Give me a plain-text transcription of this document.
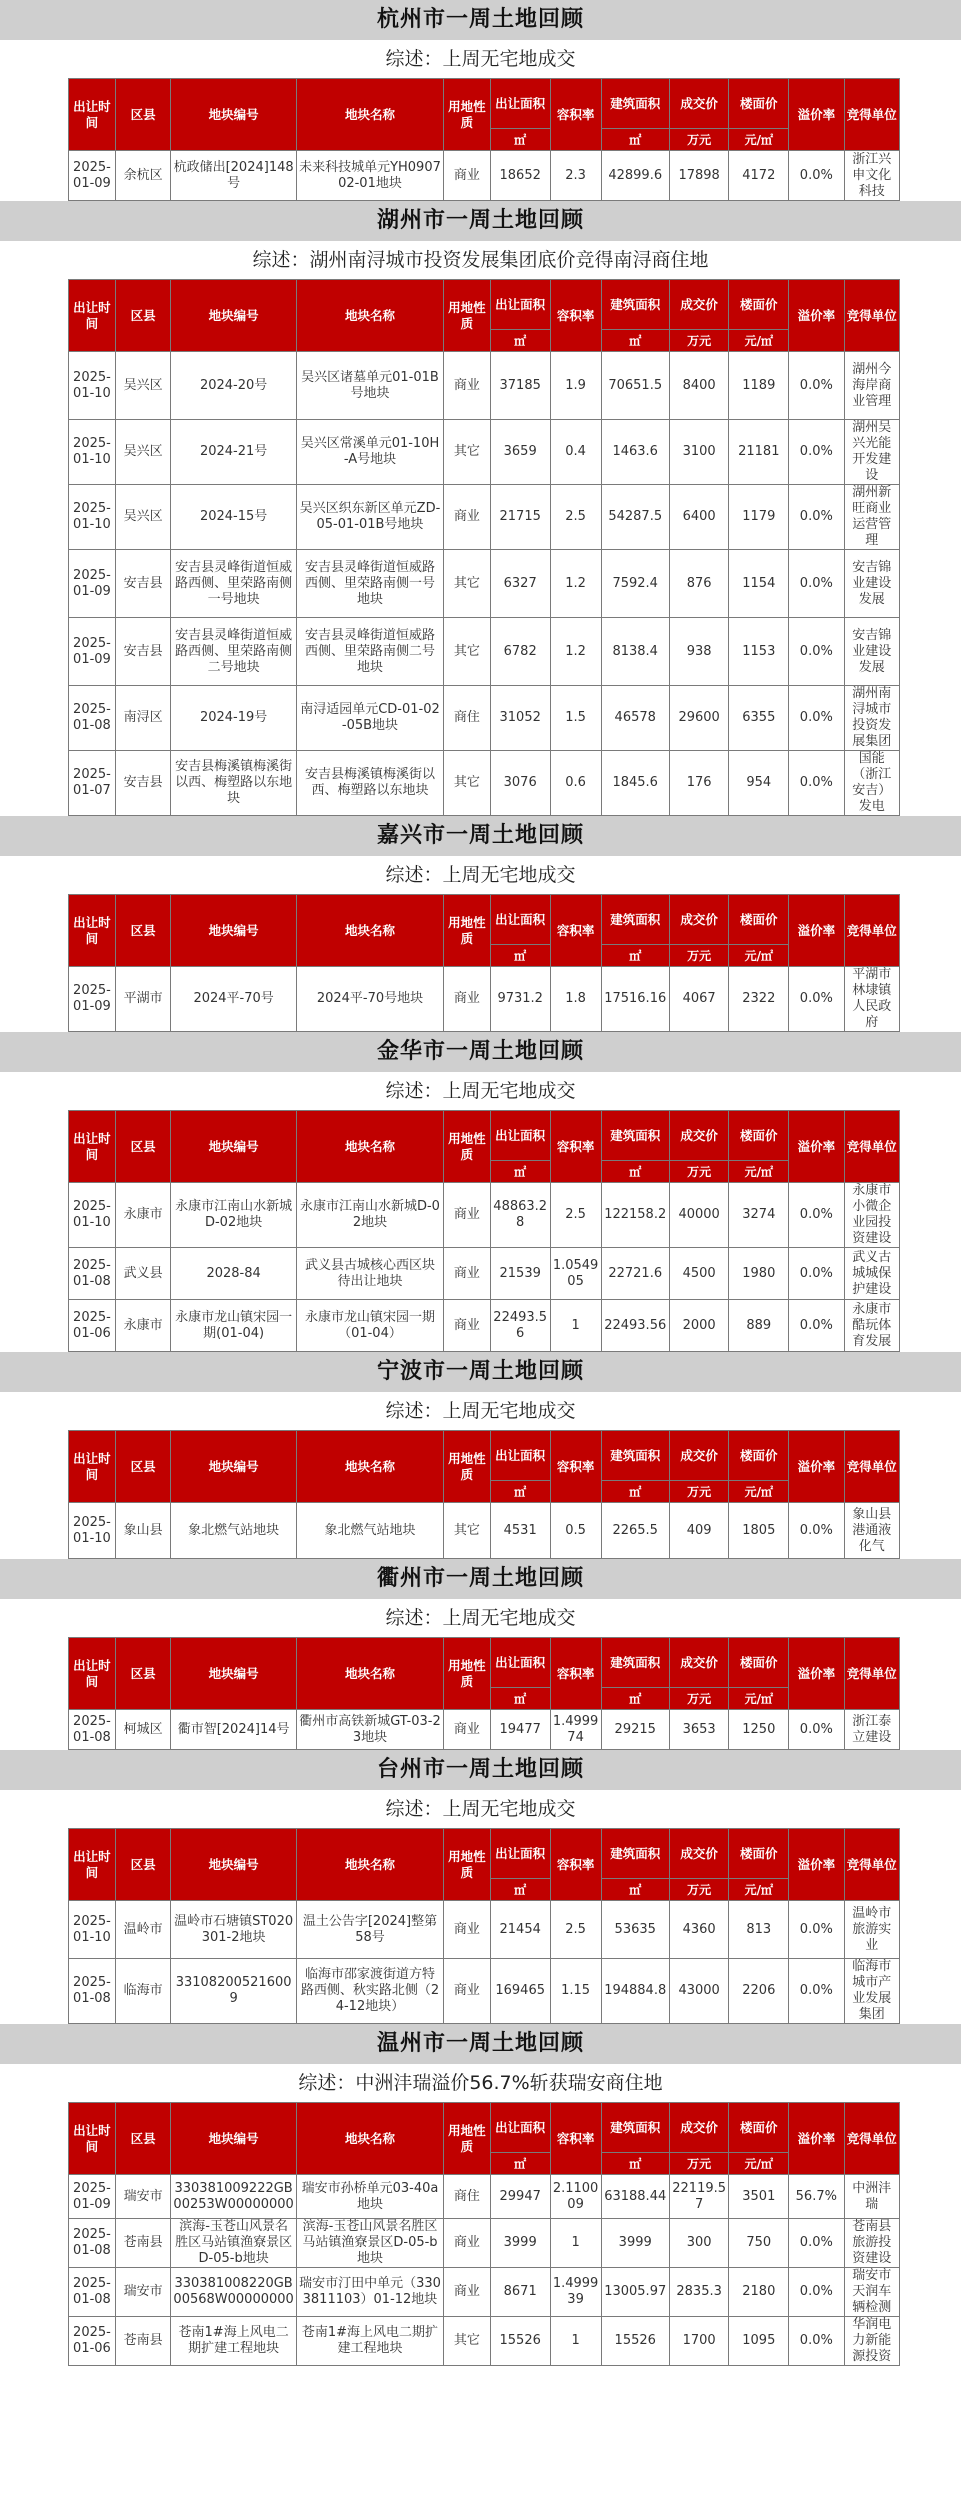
杭州市一周土地回顾
综述：上周无宅地成交
出让时间	区县	地块编号	地块名称	用地性质	出让面积	容积率	建筑面积	成交价	楼面价	溢价率	竞得单位
					㎡		㎡	万元	元/㎡		
2025-01-09	余杭区	杭政储出[2024]148号	未来科技城单元YH090702-01地块	商业	18652	2.3	42899.6	17898	4172	0.0%	浙江兴申文化科技
湖州市一周土地回顾
综述：湖州南浔城市投资发展集团底价竞得南浔商住地
出让时间	区县	地块编号	地块名称	用地性质	出让面积	容积率	建筑面积	成交价	楼面价	溢价率	竞得单位
					㎡		㎡	万元	元/㎡		
2025-01-10	吴兴区	2024-20号	吴兴区诸墓单元01-01B号地块	商业	37185	1.9	70651.5	8400	1189	0.0%	湖州今海岸商业管理
2025-01-10	吴兴区	2024-21号	吴兴区常溪单元01-10H-A号地块	其它	3659	0.4	1463.6	3100	21181	0.0%	湖州吴兴光能开发建设
2025-01-10	吴兴区	2024-15号	吴兴区织东新区单元ZD-05-01-01B号地块	商业	21715	2.5	54287.5	6400	1179	0.0%	湖州新旺商业运营管理
2025-01-09	安吉县	安吉县灵峰街道恒威路西侧、里荣路南侧一号地块	安吉县灵峰街道恒威路西侧、里荣路南侧一号地块	其它	6327	1.2	7592.4	876	1154	0.0%	安吉锦业建设发展
2025-01-09	安吉县	安吉县灵峰街道恒威路西侧、里荣路南侧二号地块	安吉县灵峰街道恒威路西侧、里荣路南侧二号地块	其它	6782	1.2	8138.4	938	1153	0.0%	安吉锦业建设发展
2025-01-08	南浔区	2024-19号	南浔适园单元CD-01-02-05B地块	商住	31052	1.5	46578	29600	6355	0.0%	湖州南浔城市投资发展集团
2025-01-07	安吉县	安吉县梅溪镇梅溪街以西、梅塑路以东地块	安吉县梅溪镇梅溪街以西、梅塑路以东地块	其它	3076	0.6	1845.6	176	954	0.0%	国能（浙江安吉）发电
嘉兴市一周土地回顾
综述：上周无宅地成交
出让时间	区县	地块编号	地块名称	用地性质	出让面积	容积率	建筑面积	成交价	楼面价	溢价率	竞得单位
					㎡		㎡	万元	元/㎡		
2025-01-09	平湖市	2024平-70号	2024平-70号地块	商业	9731.2	1.8	17516.16	4067	2322	0.0%	平湖市林埭镇人民政府
金华市一周土地回顾
综述：上周无宅地成交
出让时间	区县	地块编号	地块名称	用地性质	出让面积	容积率	建筑面积	成交价	楼面价	溢价率	竞得单位
					㎡		㎡	万元	元/㎡		
2025-01-10	永康市	永康市江南山水新城D-02地块	永康市江南山水新城D-02地块	商业	48863.28	2.5	122158.2	40000	3274	0.0%	永康市小微企业园投资建设
2025-01-08	武义县	2028-84	武义县古城核心西区块待出让地块	商业	21539	1.054905	22721.6	4500	1980	0.0%	武义古城城保护建设
2025-01-06	永康市	永康市龙山镇宋园一期(01-04)	永康市龙山镇宋园一期（01-04）	商业	22493.56	1	22493.56	2000	889	0.0%	永康市酷玩体育发展
宁波市一周土地回顾
综述：上周无宅地成交
出让时间	区县	地块编号	地块名称	用地性质	出让面积	容积率	建筑面积	成交价	楼面价	溢价率	竞得单位
					㎡		㎡	万元	元/㎡		
2025-01-10	象山县	象北燃气站地块	象北燃气站地块	其它	4531	0.5	2265.5	409	1805	0.0%	象山县港通液化气
衢州市一周土地回顾
综述：上周无宅地成交
出让时间	区县	地块编号	地块名称	用地性质	出让面积	容积率	建筑面积	成交价	楼面价	溢价率	竞得单位
					㎡		㎡	万元	元/㎡		
2025-01-08	柯城区	衢市智[2024]14号	衢州市高铁新城GT-03-23地块	商业	19477	1.499974	29215	3653	1250	0.0%	浙江泰立建设
台州市一周土地回顾
综述：上周无宅地成交
出让时间	区县	地块编号	地块名称	用地性质	出让面积	容积率	建筑面积	成交价	楼面价	溢价率	竞得单位
					㎡		㎡	万元	元/㎡		
2025-01-10	温岭市	温岭市石塘镇ST020301-2地块	温土公告字[2024]整第58号	商业	21454	2.5	53635	4360	813	0.0%	温岭市旅游实业
2025-01-08	临海市	331082005216009	临海市邵家渡街道方特路西侧、秋实路北侧（24-12地块）	商业	169465	1.15	194884.8	43000	2206	0.0%	临海市城市产业发展集团
温州市一周土地回顾
综述：中洲沣瑞溢价56.7%斩获瑞安商住地
出让时间	区县	地块编号	地块名称	用地性质	出让面积	容积率	建筑面积	成交价	楼面价	溢价率	竞得单位
					㎡		㎡	万元	元/㎡		
2025-01-09	瑞安市	330381009222GB00253W00000000	瑞安市孙桥单元03-40a地块	商住	29947	2.110009	63188.44	22119.57	3501	56.7%	中洲沣瑞
2025-01-08	苍南县	滨海-玉苍山风景名胜区马站镇渔寮景区D-05-b地块	滨海-玉苍山风景名胜区马站镇渔寮景区D-05-b地块	商业	3999	1	3999	300	750	0.0%	苍南县旅游投资建设
2025-01-08	瑞安市	330381008220GB00568W00000000	瑞安市汀田中单元（3303811103）01-12地块	商业	8671	1.499939	13005.97	2835.3	2180	0.0%	瑞安市天润车辆检测
2025-01-06	苍南县	苍南1#海上风电二期扩建工程地块	苍南1#海上风电二期扩建工程地块	其它	15526	1	15526	1700	1095	0.0%	华润电力新能源投资
